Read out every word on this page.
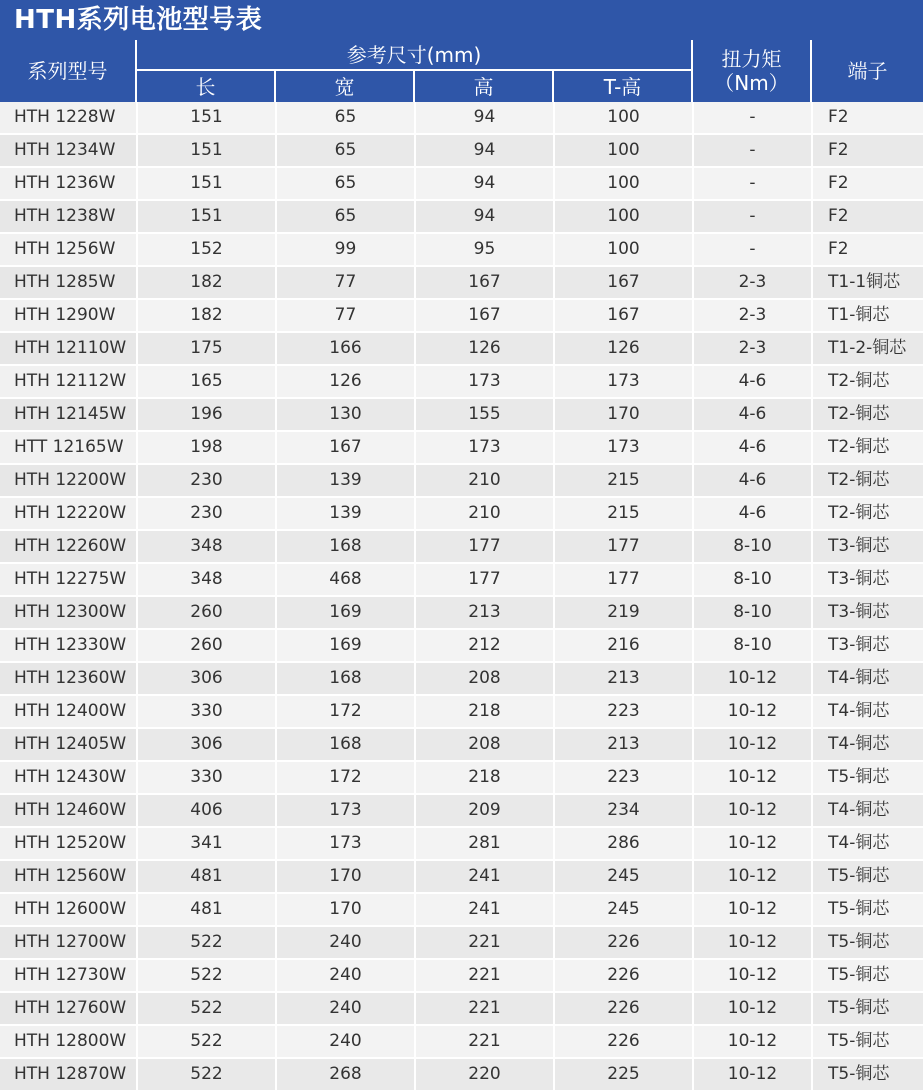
HTH系列电池型号表
系列型号
参考尺寸(mm)
长	宽	高	T-高
扭力矩
（Nm）	端子
HTH 1228W	151	65	94	100	-	F2
HTH 1234W	151	65	94	100	-	F2
HTH 1236W	151	65	94	100	-	F2
HTH 1238W	151	65	94	100	-	F2
HTH 1256W	152	99	95	100	-	F2
HTH 1285W	182	77	167	167	2-3	T1-1铜芯
HTH 1290W	182	77	167	167	2-3	T1-铜芯
HTH 12110W	175	166	126	126	2-3	T1-2-铜芯
HTH 12112W	165	126	173	173	4-6	T2-铜芯
HTH 12145W	196	130	155	170	4-6	T2-铜芯
HTT 12165W	198	167	173	173	4-6	T2-铜芯
HTH 12200W	230	139	210	215	4-6	T2-铜芯
HTH 12220W	230	139	210	215	4-6	T2-铜芯
HTH 12260W	348	168	177	177	8-10	T3-铜芯
HTH 12275W	348	468	177	177	8-10	T3-铜芯
HTH 12300W	260	169	213	219	8-10	T3-铜芯
HTH 12330W	260	169	212	216	8-10	T3-铜芯
HTH 12360W	306	168	208	213	10-12	T4-铜芯
HTH 12400W	330	172	218	223	10-12	T4-铜芯
HTH 12405W	306	168	208	213	10-12	T4-铜芯
HTH 12430W	330	172	218	223	10-12	T5-铜芯
HTH 12460W	406	173	209	234	10-12	T4-铜芯
HTH 12520W	341	173	281	286	10-12	T4-铜芯
HTH 12560W	481	170	241	245	10-12	T5-铜芯
HTH 12600W	481	170	241	245	10-12	T5-铜芯
HTH 12700W	522	240	221	226	10-12	T5-铜芯
HTH 12730W	522	240	221	226	10-12	T5-铜芯
HTH 12760W	522	240	221	226	10-12	T5-铜芯
HTH 12800W	522	240	221	226	10-12	T5-铜芯
HTH 12870W	522	268	220	225	10-12	T5-铜芯
